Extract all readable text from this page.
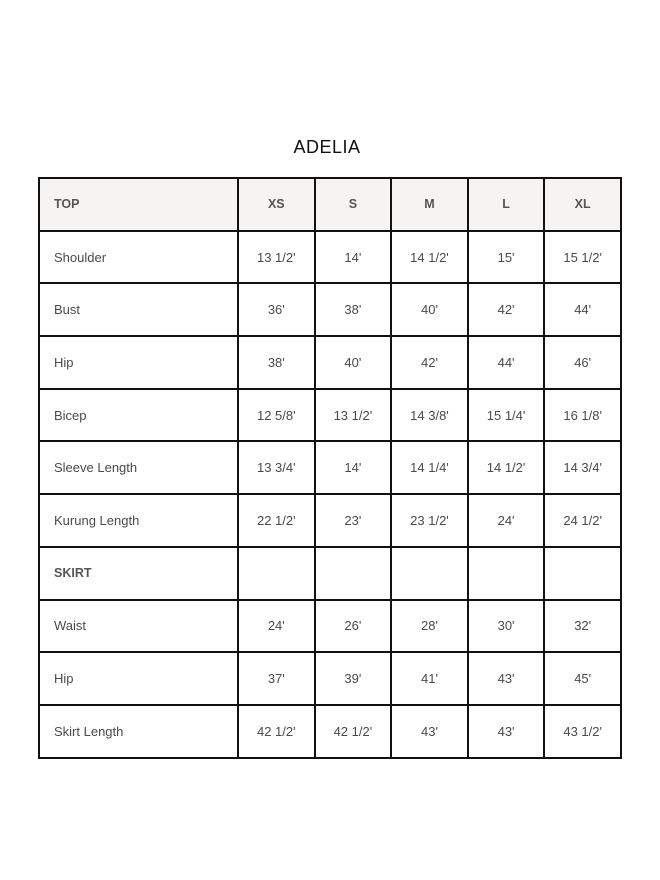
ADELIA
TOP	XS	S	M	L	XL
Shoulder	13 1/2'	14'	14 1/2'	15'	15 1/2'
Bust	36'	38'	40'	42'	44'
Hip	38'	40'	42'	44'	46'
Bicep	12 5/8'	13 1/2'	14 3/8'	15 1/4'	16 1/8'
Sleeve Length	13 3/4'	14'	14 1/4'	14 1/2'	14 3/4'
Kurung Length	22 1/2'	23'	23 1/2'	24'	24 1/2'
SKIRT					
Waist	24'	26'	28'	30'	32'
Hip	37'	39'	41'	43'	45'
Skirt Length	42 1/2'	42 1/2'	43'	43'	43 1/2'
